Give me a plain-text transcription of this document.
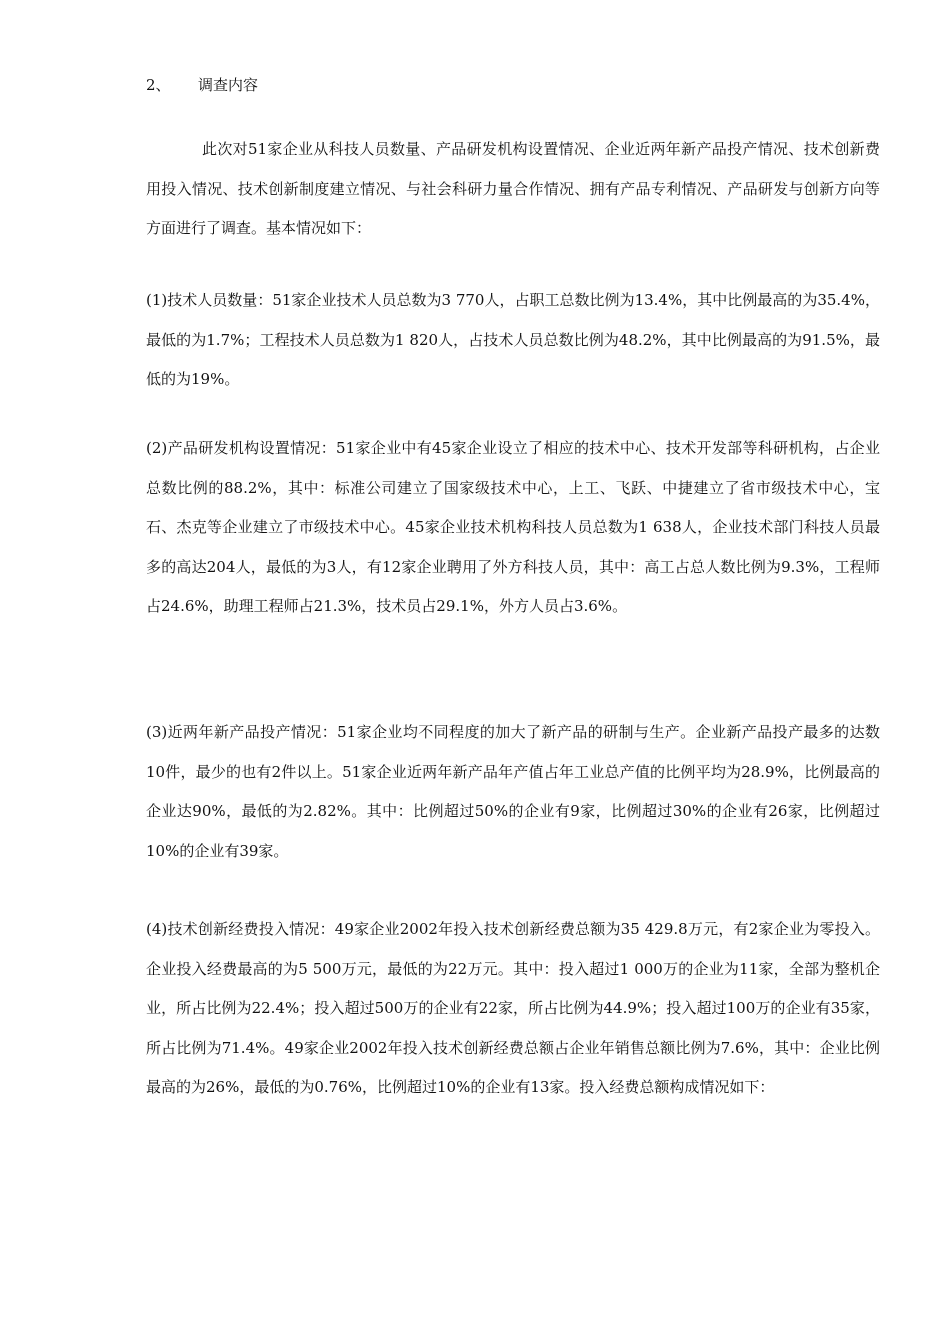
2、 调查内容

此次对51家企业从科技人员数量、产品研发机构设置情况、企业近两年新产品投产情况、技术创新费用投入情况、技术创新制度建立情况、与社会科研力量合作情况、拥有产品专利情况、产品研发与创新方向等方面进行了调查。基本情况如下：

(1)技术人员数量：51家企业技术人员总数为3 770人，占职工总数比例为13.4%，其中比例最高的为35.4%，最低的为1.7%；工程技术人员总数为1 820人，占技术人员总数比例为48.2%，其中比例最高的为91.5%，最低的为19%。

(2)产品研发机构设置情况：51家企业中有45家企业设立了相应的技术中心、技术开发部等科研机构，占企业总数比例的88.2%，其中：标准公司建立了国家级技术中心，上工、飞跃、中捷建立了省市级技术中心，宝石、杰克等企业建立了市级技术中心。45家企业技术机构科技人员总数为1 638人，企业技术部门科技人员最多的高达204人，最低的为3人，有12家企业聘用了外方科技人员，其中：高工占总人数比例为9.3%，工程师占24.6%，助理工程师占21.3%，技术员占29.1%，外方人员占3.6%。

(3)近两年新产品投产情况：51家企业均不同程度的加大了新产品的研制与生产。企业新产品投产最多的达数10件，最少的也有2件以上。51家企业近两年新产品年产值占年工业总产值的比例平均为28.9%，比例最高的企业达90%，最低的为2.82%。其中：比例超过50%的企业有9家，比例超过30%的企业有26家，比例超过10%的企业有39家。

(4)技术创新经费投入情况：49家企业2002年投入技术创新经费总额为35 429.8万元，有2家企业为零投入。企业投入经费最高的为5 500万元，最低的为22万元。其中：投入超过1 000万的企业为11家，全部为整机企业，所占比例为22.4%；投入超过500万的企业有22家，所占比例为44.9%；投入超过100万的企业有35家，所占比例为71.4%。49家企业2002年投入技术创新经费总额占企业年销售总额比例为7.6%，其中：企业比例最高的为26%，最低的为0.76%，比例超过10%的企业有13家。投入经费总额构成情况如下：
